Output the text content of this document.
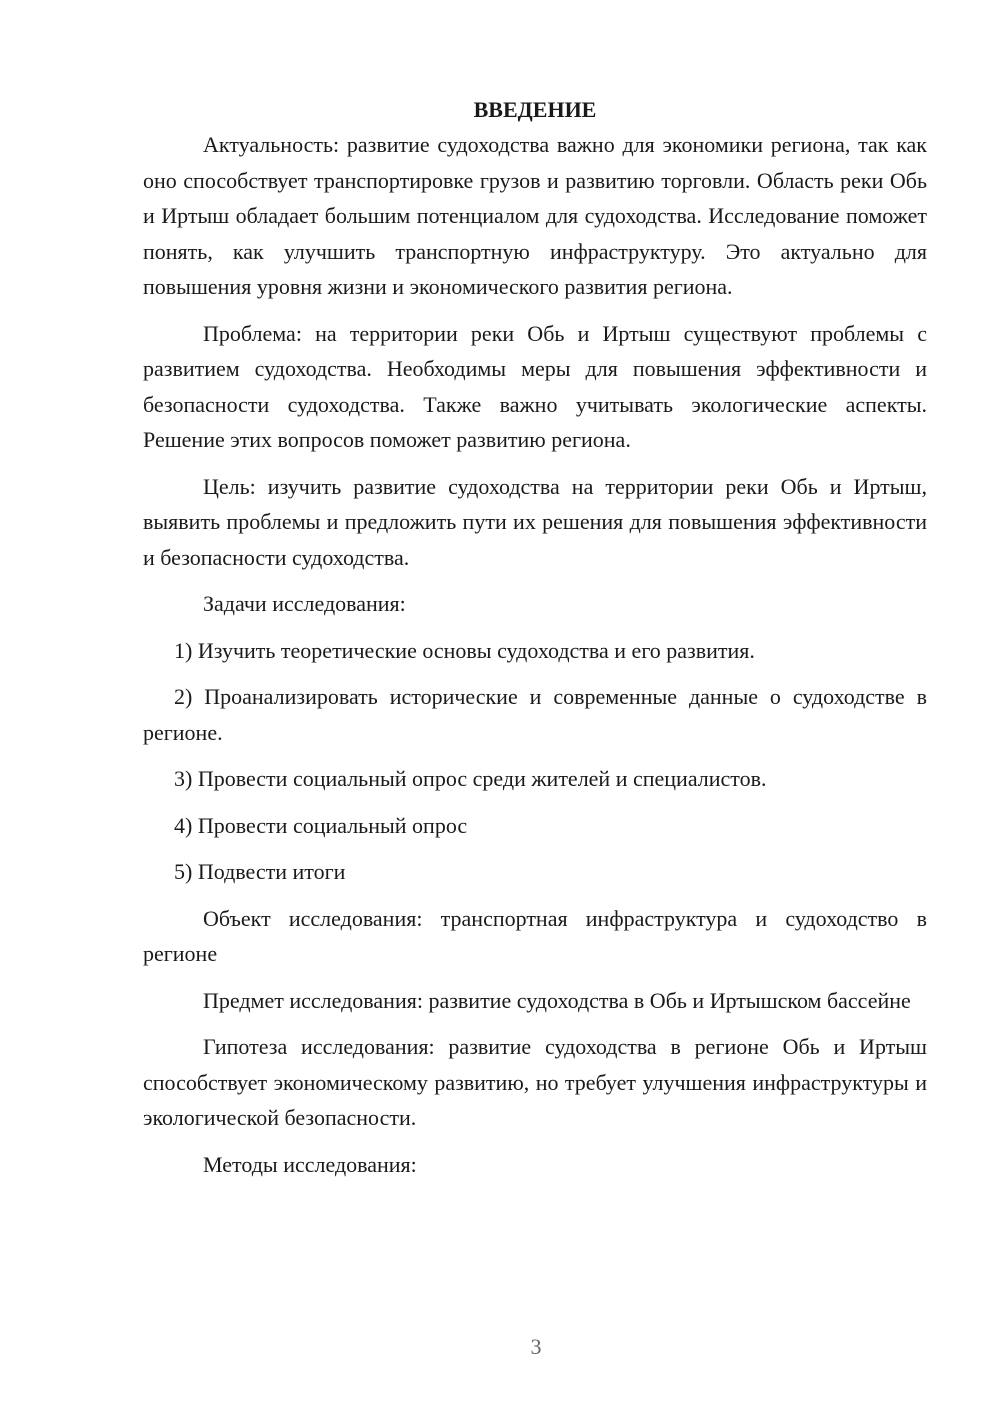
ВВЕДЕНИЕ

Актуальность: развитие судоходства важно для экономики региона, так как оно способствует транспортировке грузов и развитию торговли. Область реки Обь и Иртыш обладает большим потенциалом для судоходства. Исследование поможет понять, как улучшить транспортную инфраструктуру. Это актуально для повышения уровня жизни и экономического развития региона.

Проблема: на территории реки Обь и Иртыш существуют проблемы с развитием судоходства. Необходимы меры для повышения эффективности и безопасности судоходства. Также важно учитывать экологические аспекты. Решение этих вопросов поможет развитию региона.

Цель: изучить развитие судоходства на территории реки Обь и Иртыш, выявить проблемы и предложить пути их решения для повышения эффективности и безопасности судоходства.

Задачи исследования:

1) Изучить теоретические основы судоходства и его развития.

2) Проанализировать исторические и современные данные о судоходстве в регионе.

3) Провести социальный опрос среди жителей и специалистов.

4) Провести социальный опрос

5) Подвести итоги

Объект исследования: транспортная инфраструктура и судоходство в регионе

Предмет исследования: развитие судоходства в Обь и Иртышском бассейне

Гипотеза исследования: развитие судоходства в регионе Обь и Иртыш способствует экономическому развитию, но требует улучшения инфраструктуры и экологической безопасности.

Методы исследования:

3
